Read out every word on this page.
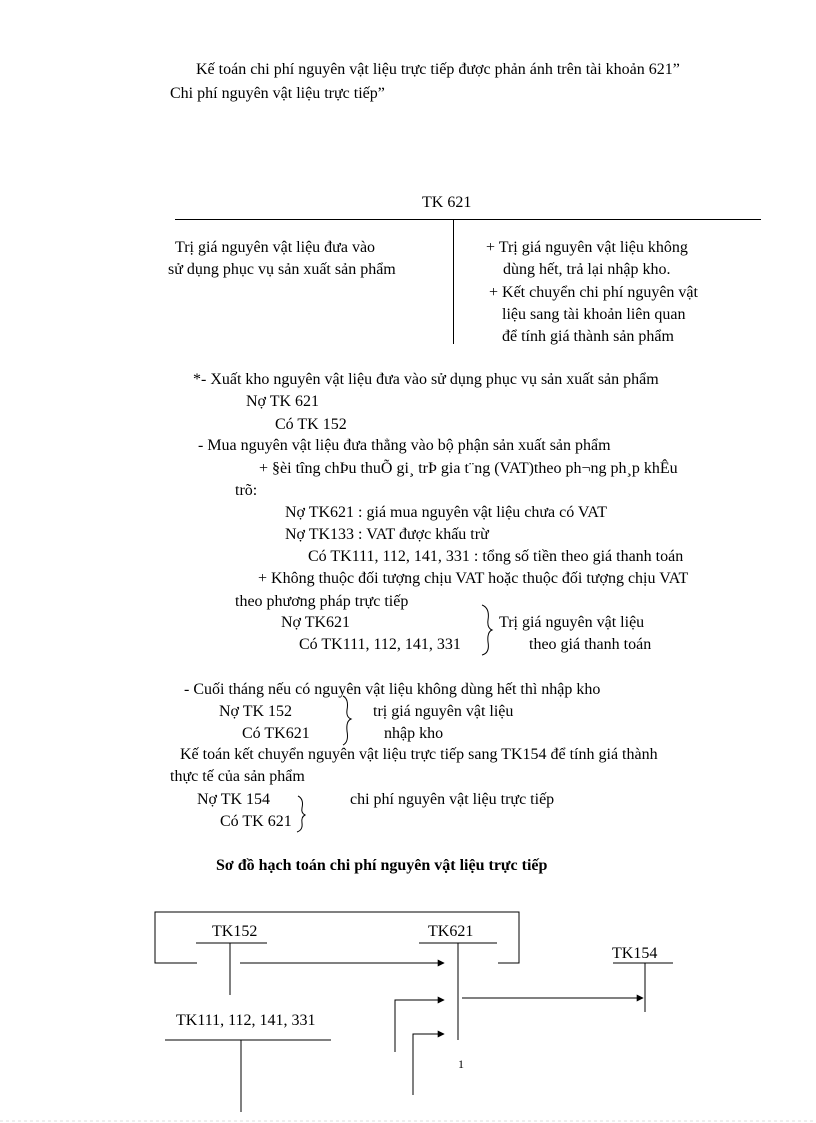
Kế toán chi phí nguyên vật liệu trực tiếp được phản ánh trên tài khoản 621”
Chi phí nguyên vật liệu trực tiếp”
TK 621
Trị giá nguyên vật liệu đưa vào
sử dụng phục vụ sản xuất sản phẩm
+ Trị giá nguyên vật liệu không
dùng hết, trả lại nhập kho.
+ Kết chuyển chi phí nguyên vật
liệu sang tài khoản liên quan
để tính giá thành sản phẩm
*- Xuất kho nguyên vật liệu đưa vào sử dụng phục vụ sản xuất sản phẩm
Nợ TK 621
Có TK 152
- Mua nguyên vật liệu đưa thẳng vào bộ phận sản xuất sản phẩm
+ §èi tîng chÞu thuÕ gi¸ trÞ gia t¨ng (VAT)theo ph¬ng ph¸p khÊu
trõ:
Nợ TK621 : giá mua nguyên vật liệu chưa có VAT
Nợ TK133 : VAT được khấu trừ
Có TK111, 112, 141, 331 : tổng số tiền theo giá thanh toán
+ Không thuộc đối tượng chịu VAT hoặc thuộc đối tượng chịu VAT
theo phương pháp trực tiếp
Nợ TK621
Có TK111, 112, 141, 331
Trị giá nguyên vật liệu
theo giá thanh toán
- Cuối tháng nếu có nguyên vật liệu không dùng hết thì nhập kho
Nợ TK 152
Có TK621
trị giá nguyên vật liệu
nhập kho
Kế toán kết chuyển nguyên vật liệu trực tiếp sang TK154 để tính giá thành
thực tế của sản phẩm
Nợ TK 154
Có TK 621
chi phí nguyên vật liệu trực tiếp
Sơ đồ hạch toán chi phí nguyên vật liệu trực tiếp
TK152	TK621
TK154
TK111, 112, 141, 331
1
